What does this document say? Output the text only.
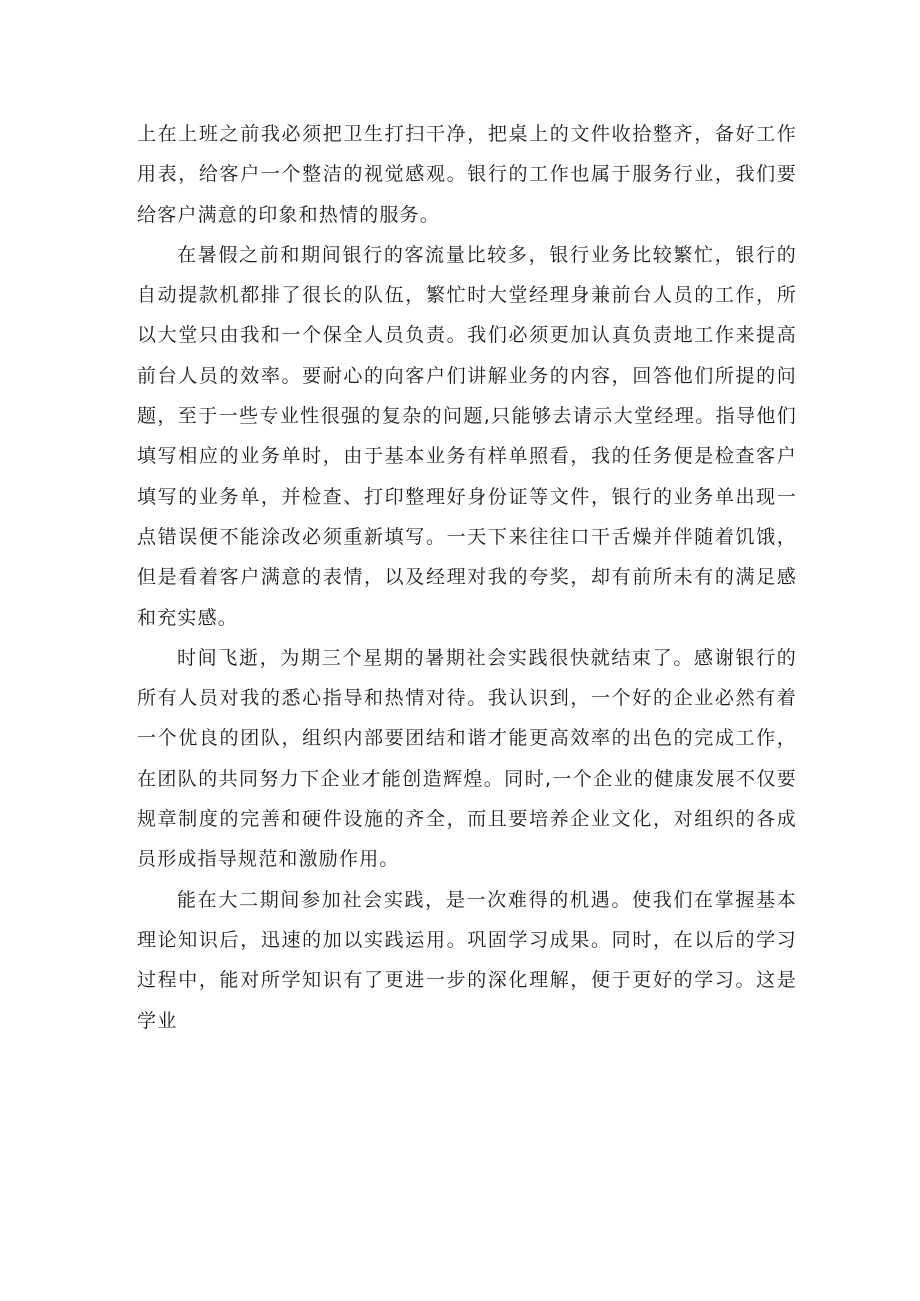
上在上班之前我必须把卫生打扫干净，把桌上的文件收拾整齐，备好工作用表，给客户一个整洁的视觉感观。银行的工作也属于服务行业，我们要给客户满意的印象和热情的服务。

在暑假之前和期间银行的客流量比较多，银行业务比较繁忙，银行的自动提款机都排了很长的队伍，繁忙时大堂经理身兼前台人员的工作，所以大堂只由我和一个保全人员负责。我们必须更加认真负责地工作来提高前台人员的效率。要耐心的向客户们讲解业务的内容，回答他们所提的问题，至于一些专业性很强的复杂的问题,只能够去请示大堂经理。指导他们填写相应的业务单时，由于基本业务有样单照看，我的任务便是检查客户填写的业务单，并检查、打印整理好身份证等文件，银行的业务单出现一点错误便不能涂改必须重新填写。一天下来往往口干舌燥并伴随着饥饿，但是看着客户满意的表情，以及经理对我的夸奖，却有前所未有的满足感和充实感。

时间飞逝，为期三个星期的暑期社会实践很快就结束了。感谢银行的所有人员对我的悉心指导和热情对待。我认识到，一个好的企业必然有着一个优良的团队，组织内部要团结和谐才能更高效率的出色的完成工作，在团队的共同努力下企业才能创造辉煌。同时,一个企业的健康发展不仅要规章制度的完善和硬件设施的齐全，而且要培养企业文化，对组织的各成员形成指导规范和激励作用。

能在大二期间参加社会实践，是一次难得的机遇。使我们在掌握基本理论知识后，迅速的加以实践运用。巩固学习成果。同时，在以后的学习过程中，能对所学知识有了更进一步的深化理解，便于更好的学习。这是学业
